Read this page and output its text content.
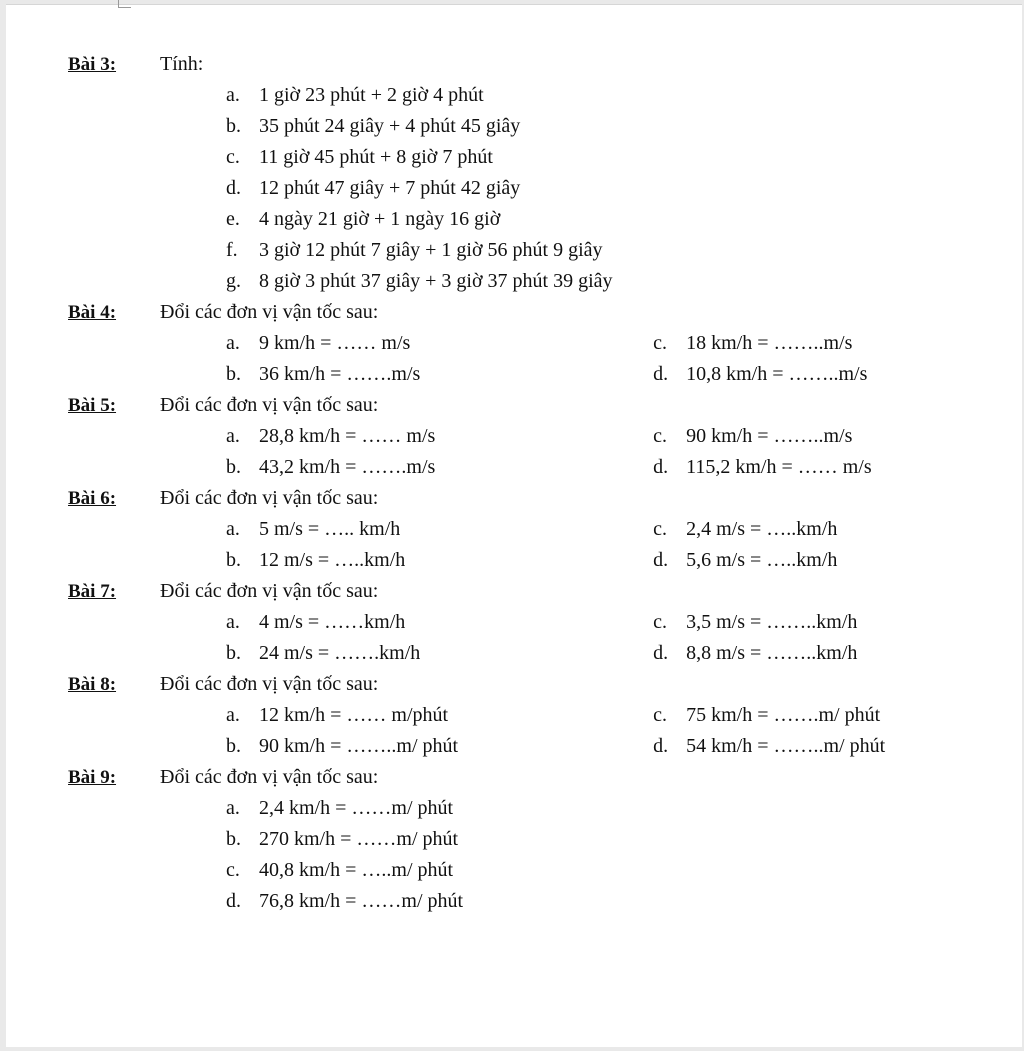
Bài 3:	Tính:
a. 1 giờ 23 phút + 2 giờ 4 phút
b. 35 phút 24 giây + 4 phút 45 giây
c. 11 giờ 45 phút + 8 giờ 7 phút
d. 12 phút 47 giây + 7 phút 42 giây
e. 4 ngày 21 giờ + 1 ngày 16 giờ
f.	3 giờ 12 phút 7 giây + 1 giờ 56 phút 9 giây
g. 8 giờ 3 phút 37 giây + 3 giờ 37 phút 39 giây
Bài 4:	Đổi các đơn vị vận tốc sau:
a. 9 km/h = …… m/s	c. 18 km/h = ……..m/s
b. 36 km/h = …….m/s	d. 10,8 km/h = ……..m/s
Bài 5:	Đổi các đơn vị vận tốc sau:
a. 28,8 km/h = …… m/s	c. 90 km/h = ……..m/s
b. 43,2 km/h = …….m/s	d. 115,2 km/h = …… m/s
Bài 6:	Đổi các đơn vị vận tốc sau:
a. 5 m/s = ….. km/h	c. 2,4 m/s = …..km/h
b. 12 m/s = …..km/h	d. 5,6 m/s = …..km/h
Bài 7:	Đổi các đơn vị vận tốc sau:
a. 4 m/s = ……km/h	c. 3,5 m/s = ……..km/h
b. 24 m/s = …….km/h	d. 8,8 m/s = ……..km/h
Bài 8:	Đổi các đơn vị vận tốc sau:
a. 12 km/h = …… m/phút	c. 75 km/h = …….m/ phút
b. 90 km/h = ……..m/ phút	d. 54 km/h = ……..m/ phút
Bài 9:	Đổi các đơn vị vận tốc sau:
a. 2,4 km/h = ……m/ phút
b. 270 km/h = ……m/ phút
c. 40,8 km/h = …..m/ phút
d. 76,8 km/h = ……m/ phút
